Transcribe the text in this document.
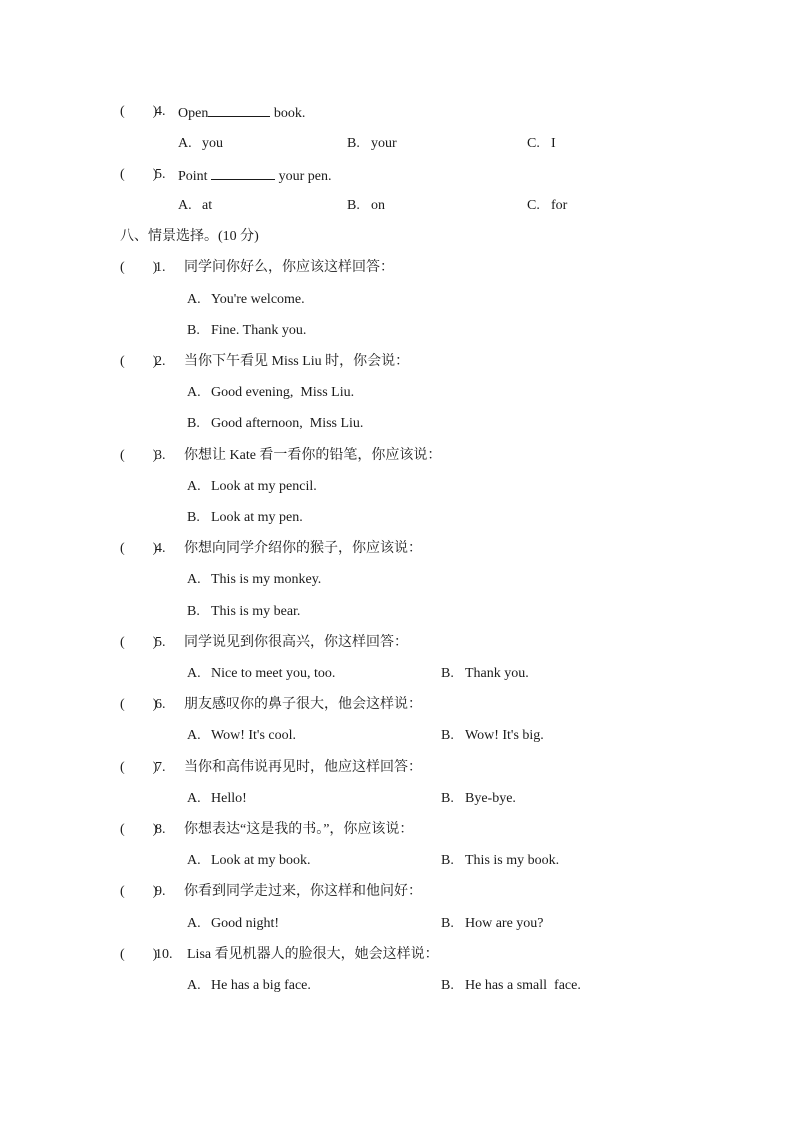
(        )
4. Open	book.
A. you	B. your	C. I
(        )
5. Point	your pen.
A. at	B. on	C. for
八、情景选择。(10 分)
(        )
1. 同学问你好么，你应该这样回答：
A. You're welcome.
B. Fine. Thank you.
(        )
2. 当你下午看见 Miss Liu 时，你会说：
A. Good evening,  Miss Liu.
B. Good afternoon,  Miss Liu.
(        )
3. 你想让 Kate 看一看你的铅笔，你应该说：
A. Look at my pencil.
B. Look at my pen.
(        )
4. 你想向同学介绍你的猴子，你应该说：
A. This is my monkey.
B. This is my bear.
(        )
5. 同学说见到你很高兴，你这样回答：
A. Nice to meet you, too.	B. Thank you.
(        )
6. 朋友感叹你的鼻子很大，他会这样说：
A. Wow! It's cool.	B. Wow! It's big.
(        )
7. 当你和高伟说再见时，他应这样回答：
A. Hello!	B. Bye-bye.
(        )
8. 你想表达“这是我的书。”，你应该说：
A. Look at my book.	B. This is my book.
(        )
9. 你看到同学走过来，你这样和他问好：
A. Good night!	B. How are you?
(        )
10. Lisa 看见机器人的脸很大，她会这样说：
A. He has a big face.	B. He has a small  face.
